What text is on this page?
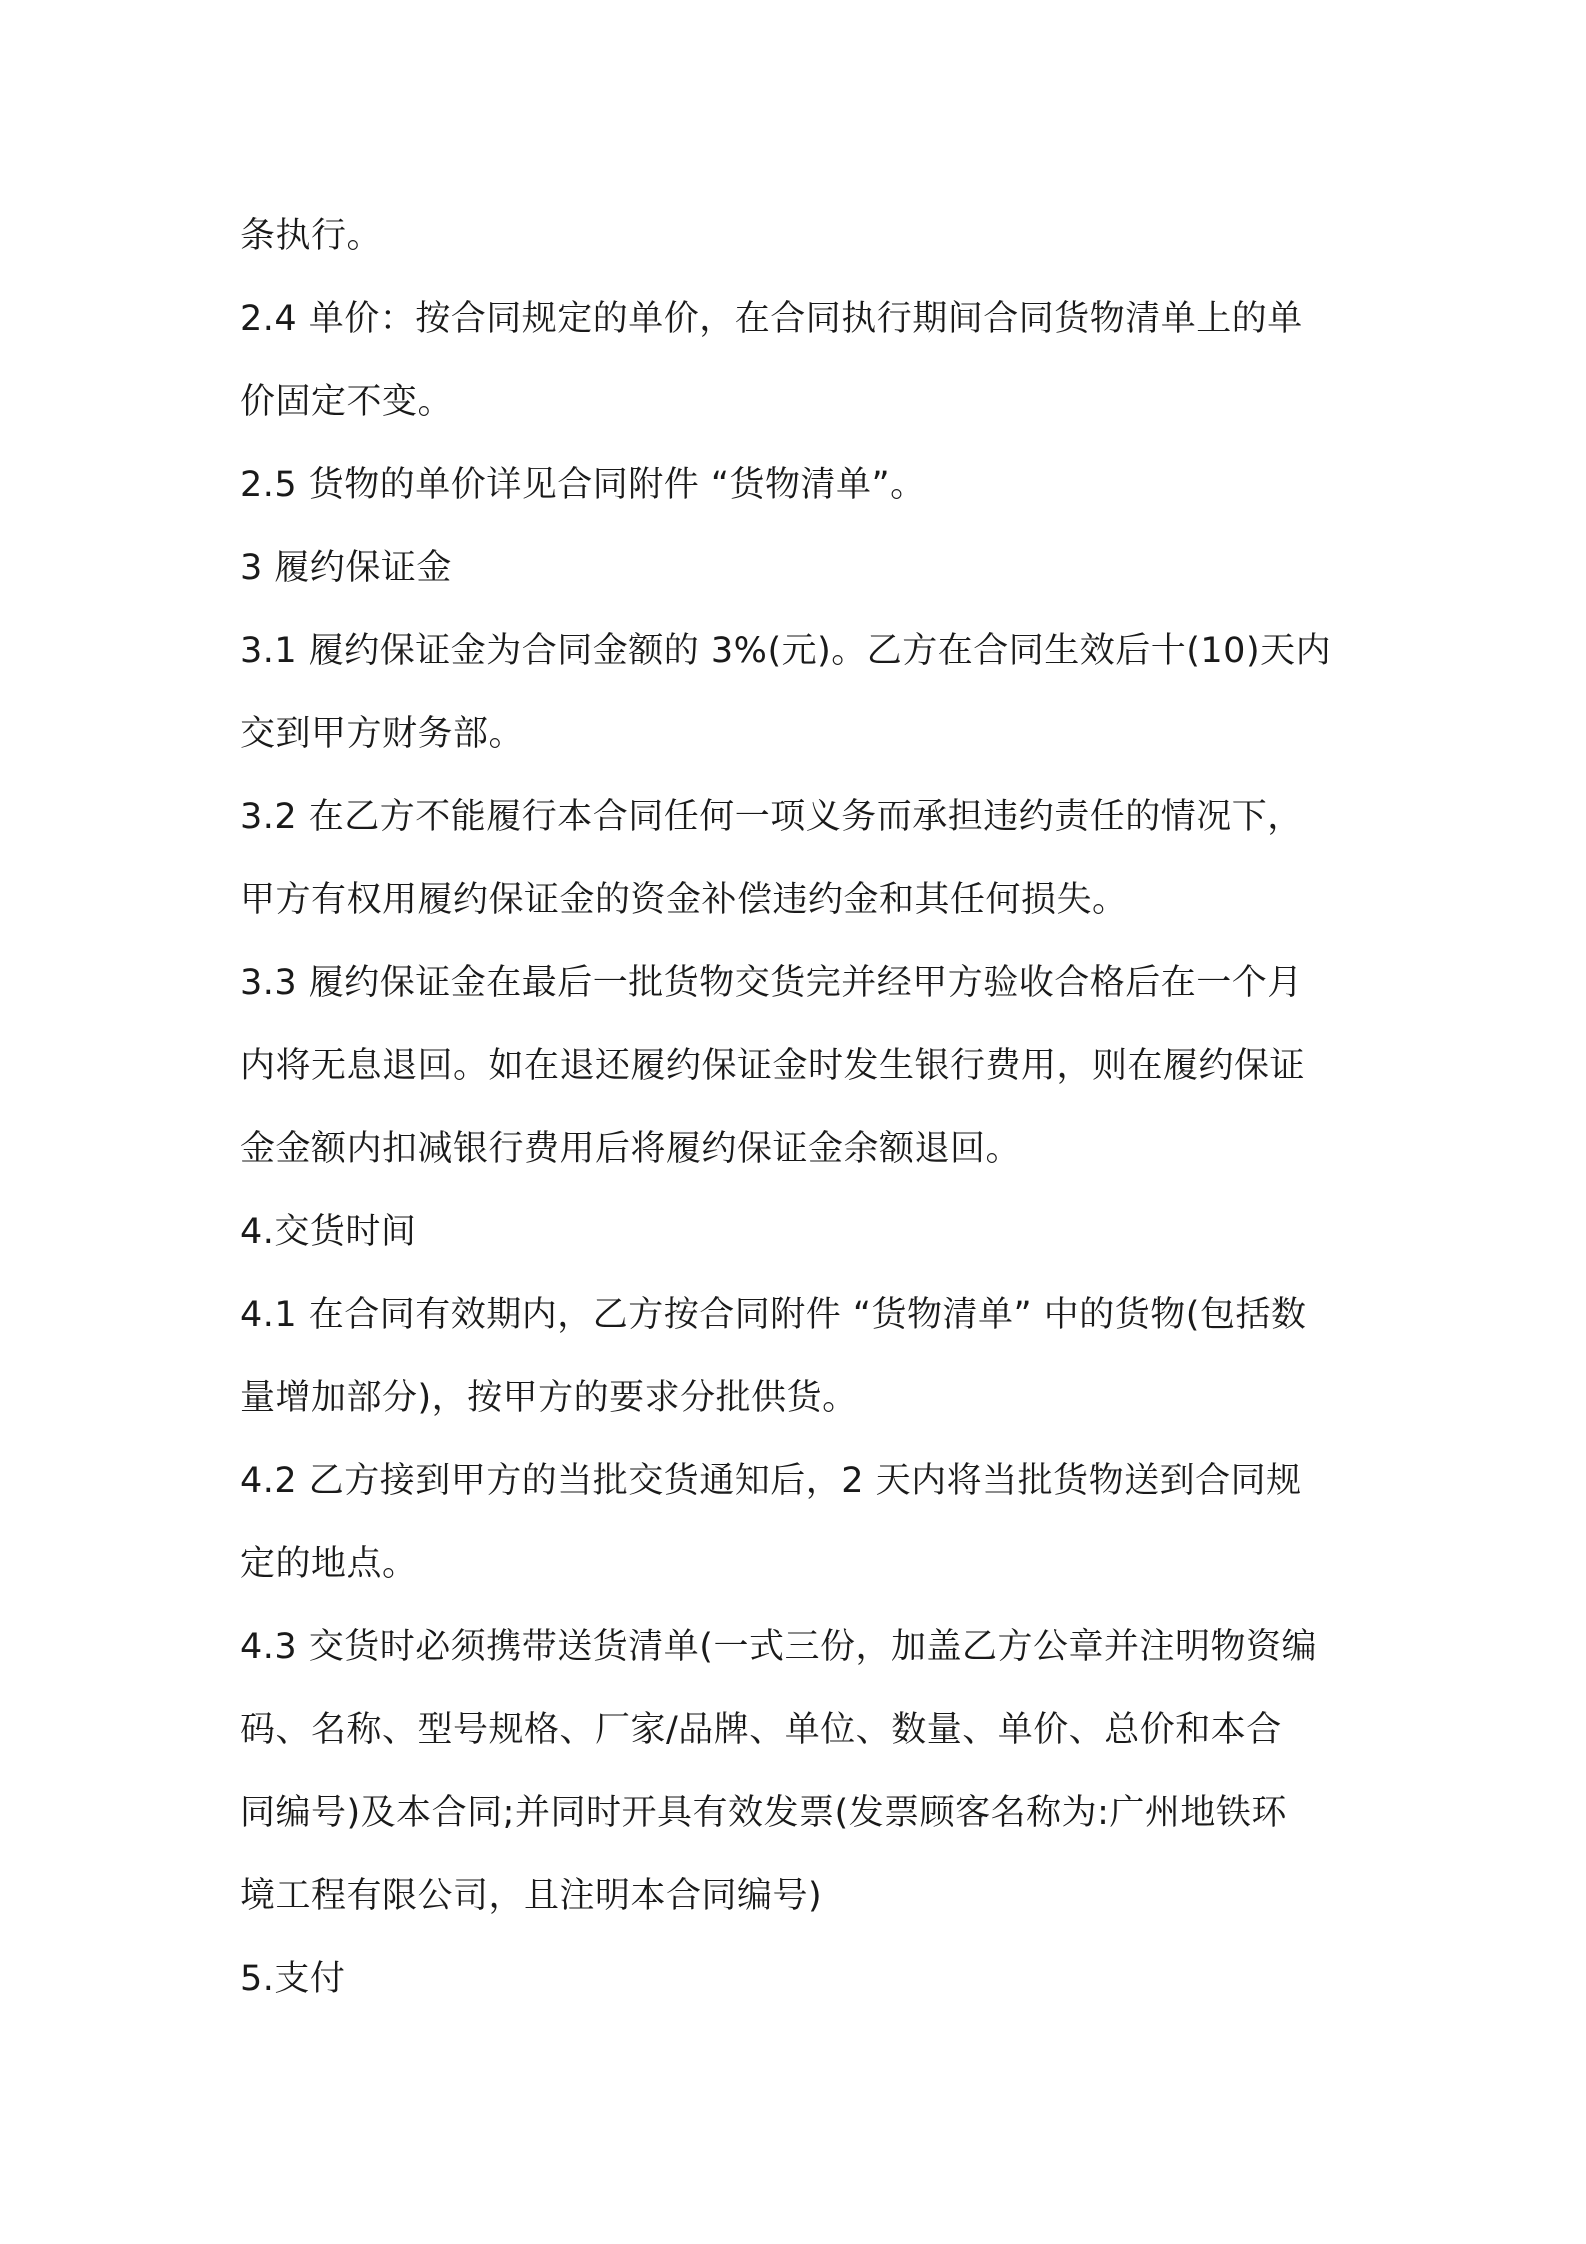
条执行。
2.4 单价：按合同规定的单价，在合同执行期间合同货物清单上的单
价固定不变。
2.5 货物的单价详见合同附件 “货物清单”。
3 履约保证金
3.1 履约保证金为合同金额的 3%(元)。乙方在合同生效后十(10)天内
交到甲方财务部。
3.2 在乙方不能履行本合同任何一项义务而承担违约责任的情况下，
甲方有权用履约保证金的资金补偿违约金和其任何损失。
3.3 履约保证金在最后一批货物交货完并经甲方验收合格后在一个月
内将无息退回。如在退还履约保证金时发生银行费用，则在履约保证
金金额内扣减银行费用后将履约保证金余额退回。
4.交货时间
4.1 在合同有效期内，乙方按合同附件 “货物清单” 中的货物(包括数
量增加部分)，按甲方的要求分批供货。
4.2 乙方接到甲方的当批交货通知后，2 天内将当批货物送到合同规
定的地点。
4.3 交货时必须携带送货清单(一式三份，加盖乙方公章并注明物资编
码、名称、型号规格、厂家/品牌、单位、数量、单价、总价和本合
同编号)及本合同;并同时开具有效发票(发票顾客名称为:广州地铁环
境工程有限公司，且注明本合同编号)
5.支付
